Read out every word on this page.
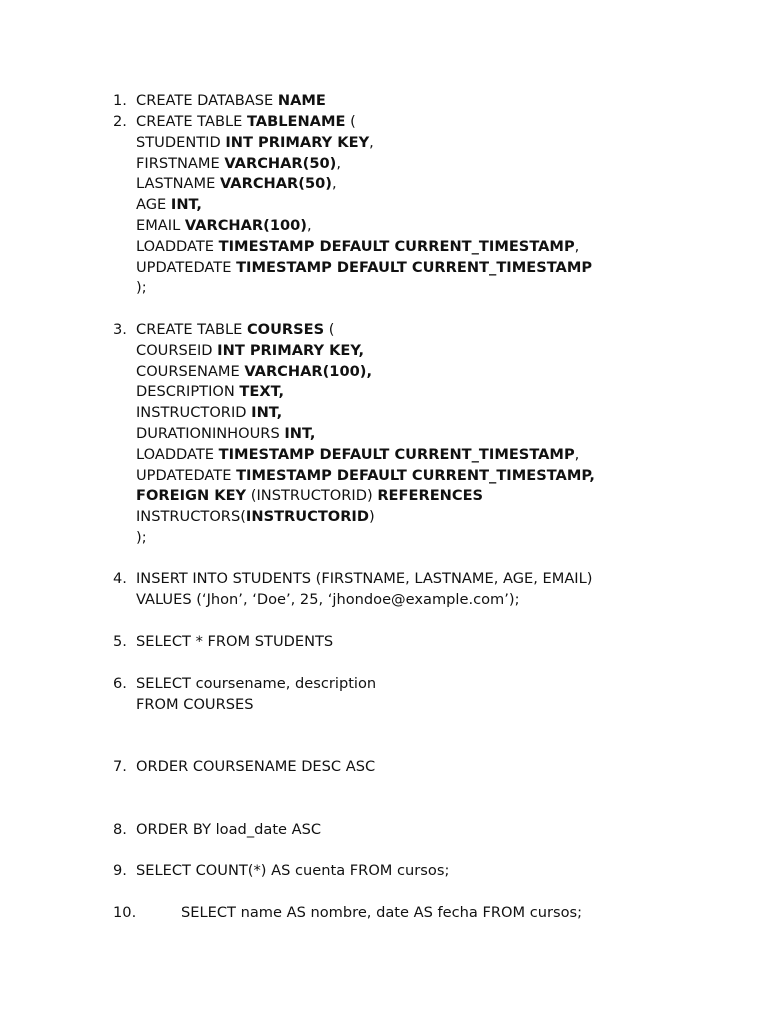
1. CREATE DATABASE NAME
2. CREATE TABLE TABLENAME (
STUDENTID INT PRIMARY KEY,
FIRSTNAME VARCHAR(50),
LASTNAME VARCHAR(50),
AGE INT,
EMAIL VARCHAR(100),
LOADDATE TIMESTAMP DEFAULT CURRENT_TIMESTAMP,
UPDATEDATE TIMESTAMP DEFAULT CURRENT_TIMESTAMP
);
3. CREATE TABLE COURSES (
COURSEID INT PRIMARY KEY,
COURSENAME VARCHAR(100),
DESCRIPTION TEXT,
INSTRUCTORID INT,
DURATIONINHOURS INT,
LOADDATE TIMESTAMP DEFAULT CURRENT_TIMESTAMP,
UPDATEDATE TIMESTAMP DEFAULT CURRENT_TIMESTAMP,
FOREIGN KEY (INSTRUCTORID) REFERENCES
INSTRUCTORS(INSTRUCTORID)
);
4. INSERT INTO STUDENTS (FIRSTNAME, LASTNAME, AGE, EMAIL)
VALUES (‘Jhon’, ‘Doe’, 25, ‘jhondoe@example.com’);
5. SELECT * FROM STUDENTS
6. SELECT coursename, description
FROM COURSES
7. ORDER COURSENAME DESC ASC
8. ORDER BY load_date ASC
9. SELECT COUNT(*) AS cuenta FROM cursos;
10.	SELECT name AS nombre, date AS fecha FROM cursos;
